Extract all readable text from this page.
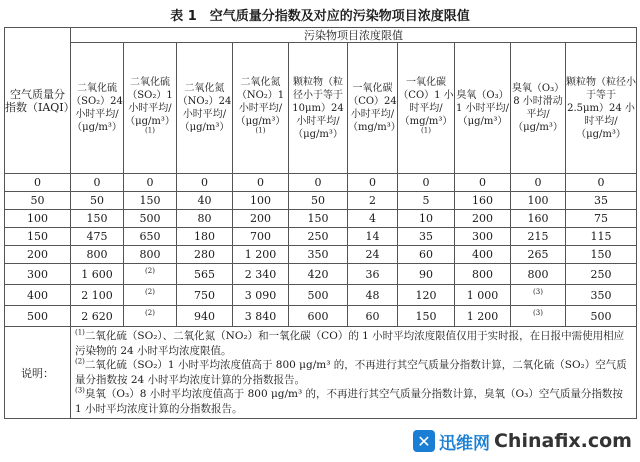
表 1　空气质量分指数及对应的污染物项目浓度限值
空气质量分指数（IAQI）	污染物项目浓度限值									
	二氧化硫（SO₂）24 小时平均/（μg/m³）	二氧化硫（SO₂）1 小时平均/（μg/m³）$^{(1)}$	二氧化氮（NO₂）24 小时平均/（μg/m³）	二氧化氮（NO₂）1 小时平均/（μg/m³）$^{(1)}$	颗粒物（粒径小于等于 10μm）24 小时平均/（μg/m³）	一氧化碳（CO）24 小时平均/（mg/m³）	一氧化碳（CO）1 小时平均/（mg/m³）$^{(1)}$	臭氧（O₃）1 小时平均/（μg/m³）	臭氧（O₃）8 小时滑动平均/（μg/m³）	颗粒物（粒径小于等于 2.5μm）24 小时平均/（μg/m³）
0	0	0	0	0	0	0	0	0	0	0
50	50	150	40	100	50	2	5	160	100	35
100	150	500	80	200	150	4	10	200	160	75
150	475	650	180	700	250	14	35	300	215	115
200	800	800	280	1 200	350	24	60	400	265	150
300	1 600	(2)	565	2 340	420	36	90	800	800	250
400	2 100	(2)	750	3 090	500	48	120	1 000	(3)	350
500	2 620	(2)	940	3 840	600	60	150	1 200	(3)	500
说明：	$^{(1)}$二氧化硫（SO₂）、二氧化氮（NO₂）和一氧化碳（CO）的 1 小时平均浓度限值仅用于实时报，在日报中需使用相应污染物的 24 小时平均浓度限值。

$^{(2)}$二氧化硫（SO₂）1 小时平均浓度值高于 800 μg/m³ 的，不再进行其空气质量分指数计算，二氧化硫（SO₂）空气质量分指数按 24 小时平均浓度计算的分指数报告。

$^{(3)}$臭氧（O₃）8 小时平均浓度值高于 800 μg/m³ 的，不再进行其空气质量分指数计算，臭氧（O₃）空气质量分指数按 1 小时平均浓度计算的分指数报告。									

✕ 迅维网 Chinafix.com
